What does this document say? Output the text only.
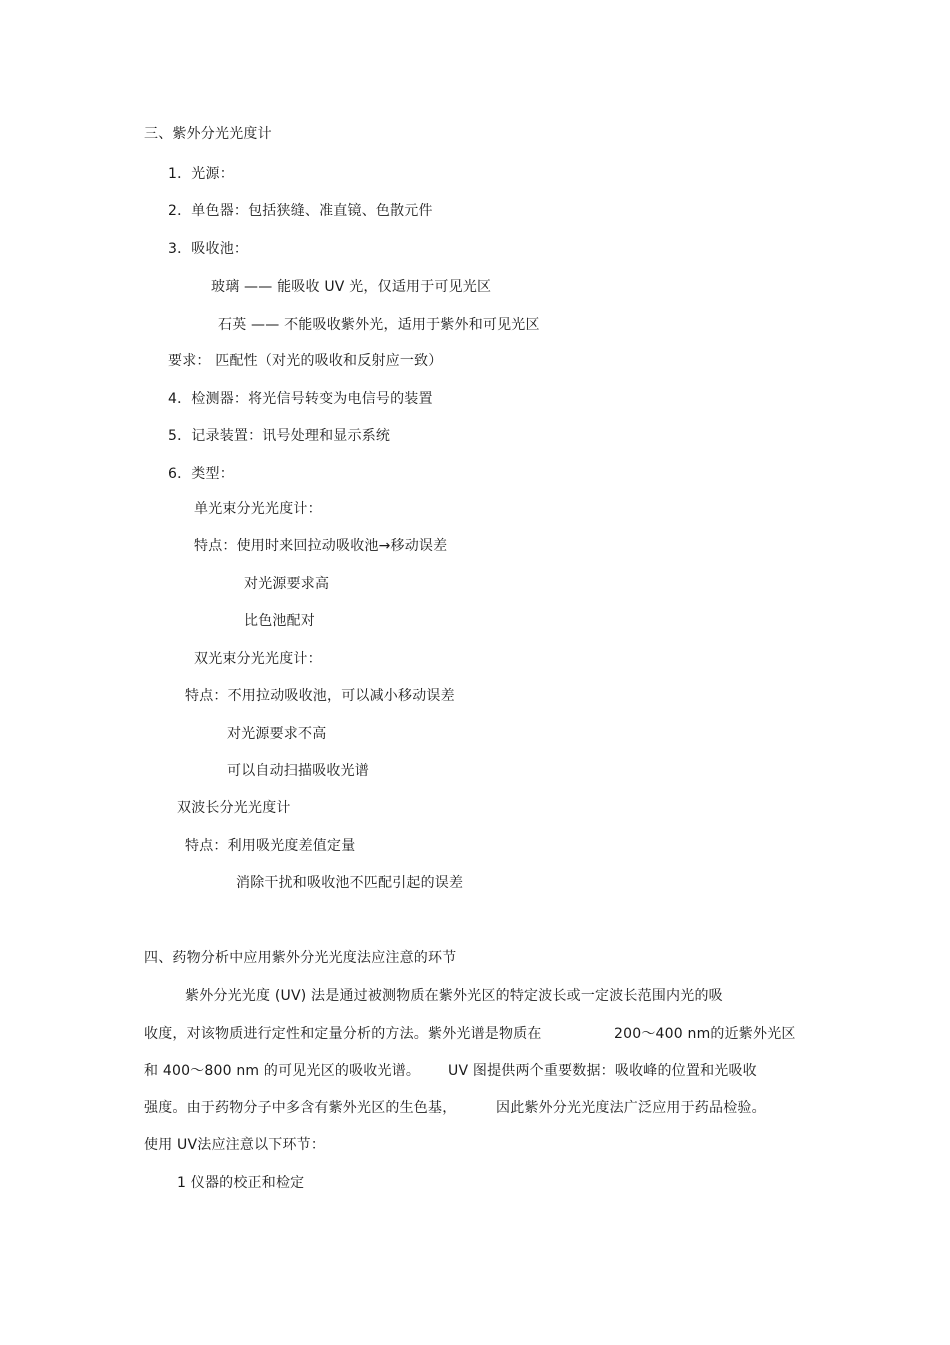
三、紫外分光光度计
1．光源：
2．单色器：包括狭缝、准直镜、色散元件
3．吸收池：
玻璃 —— 能吸收 UV 光，仅适用于可见光区
石英 —— 不能吸收紫外光，适用于紫外和可见光区
要求： 匹配性（对光的吸收和反射应一致）
4．检测器：将光信号转变为电信号的装置
5．记录装置：讯号处理和显示系统
6．类型：
单光束分光光度计：
特点：使用时来回拉动吸收池→移动误差
对光源要求高
比色池配对
双光束分光光度计：
特点：不用拉动吸收池，可以减小移动误差
对光源要求不高
可以自动扫描吸收光谱
双波长分光光度计
特点：利用吸光度差值定量
消除干扰和吸收池不匹配引起的误差
四、药物分析中应用紫外分光光度法应注意的环节
紫外分光光度 (UV) 法是通过被测物质在紫外光区的特定波长或一定波长范围内光的吸
收度，对该物质进行定性和定量分析的方法。紫外光谱是物质在	200～400 nm的近紫外光区
和 400～800 nm 的可见光区的吸收光谱。 UV 图提供两个重要数据：吸收峰的位置和光吸收
强度。由于药物分子中多含有紫外光区的生色基，	因此紫外分光光度法广泛应用于药品检验。
使用 UV法应注意以下环节：
1 仪器的校正和检定
